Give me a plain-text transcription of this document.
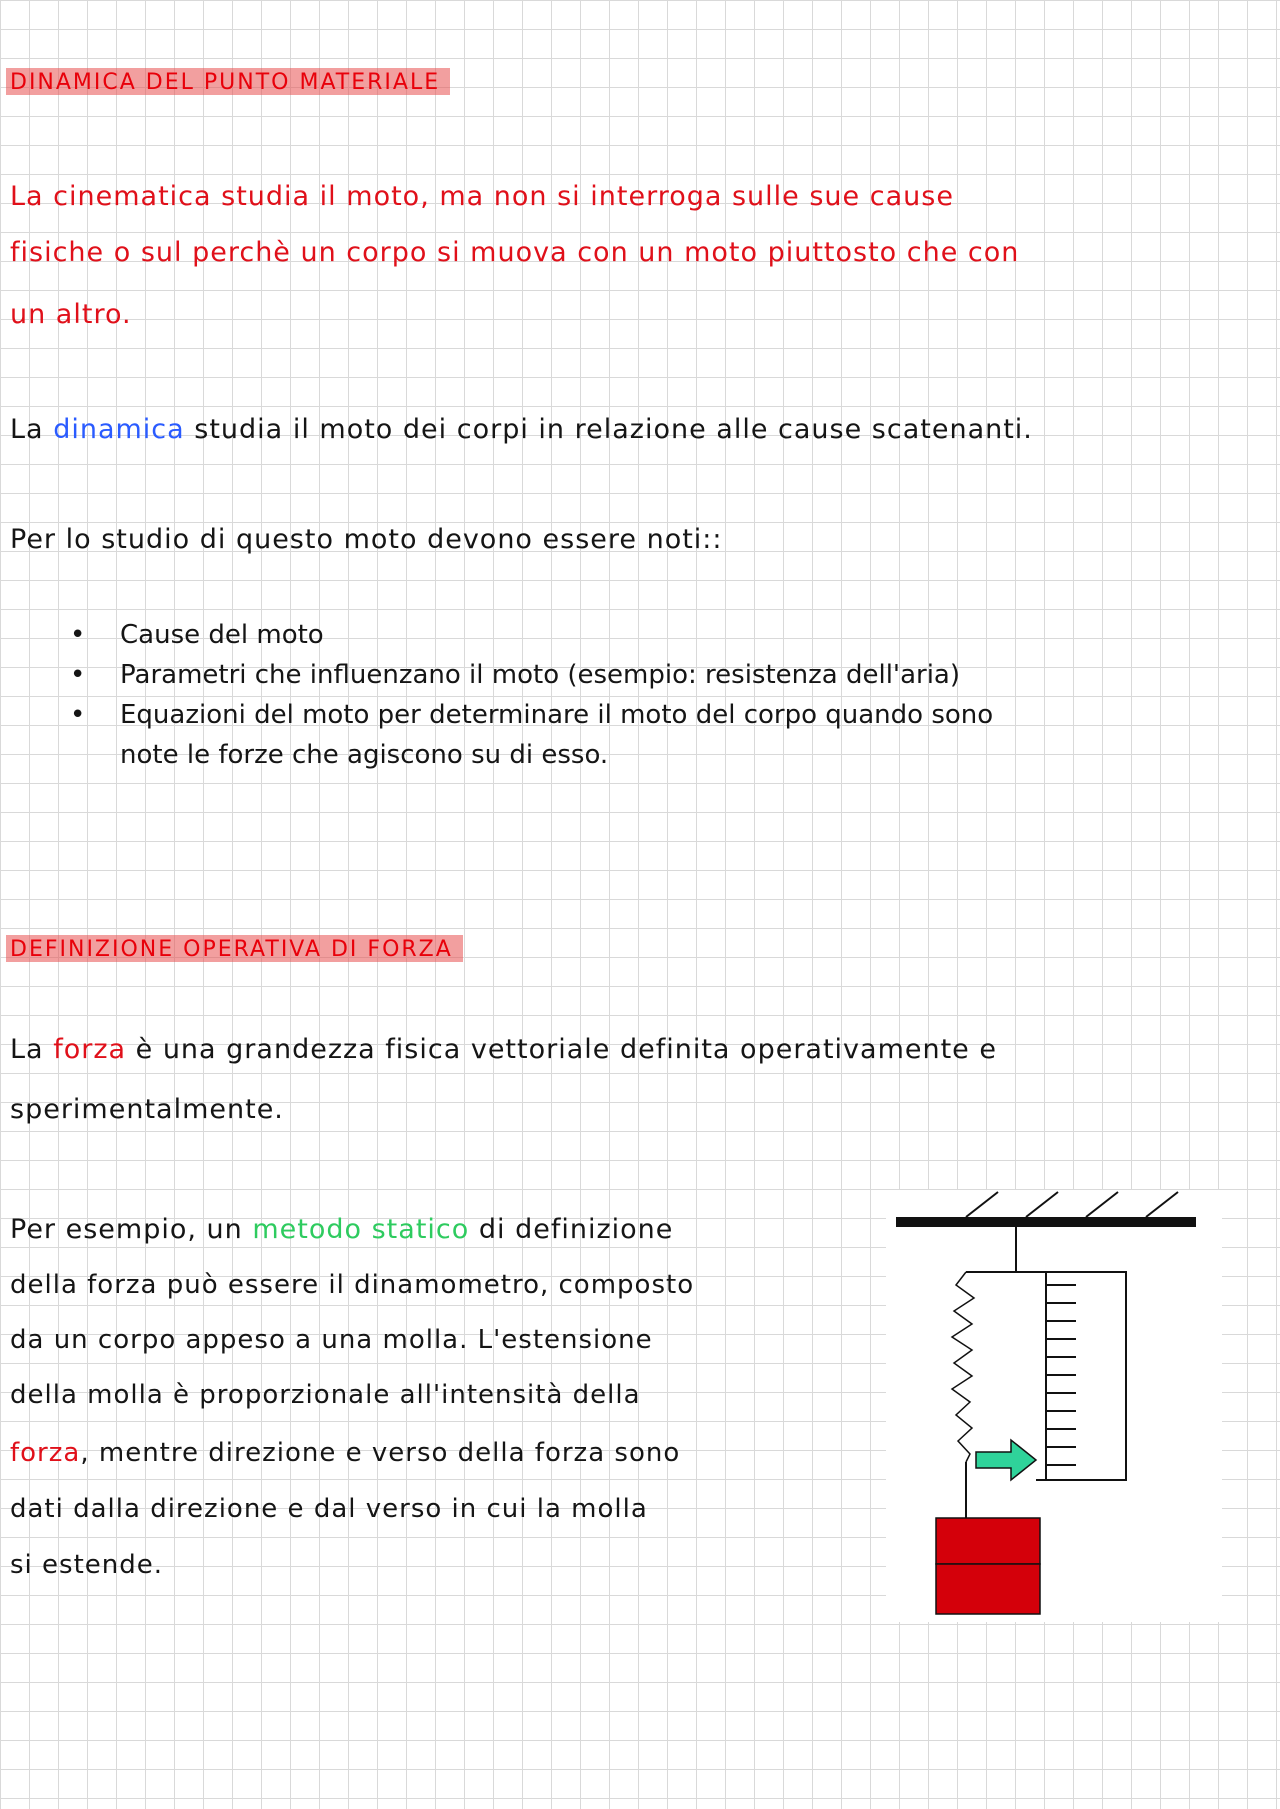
DINAMICA DEL PUNTO MATERIALE
La cinematica studia il moto, ma non si interroga sulle sue cause
fisiche o sul perchè un corpo si muova con un moto piuttosto che con
un altro.
La dinamica studia il moto dei corpi in relazione alle cause scatenanti.
Per lo studio di questo moto devono essere noti::
• Cause del moto
• Parametri che influenzano il moto (esempio: resistenza dell'aria)
• Equazioni del moto per determinare il moto del corpo quando sono
note le forze che agiscono su di esso.
DEFINIZIONE OPERATIVA DI FORZA
La forza è una grandezza fisica vettoriale definita operativamente e
sperimentalmente.
Per esempio, un metodo statico di definizione
della forza può essere il dinamometro, composto
da un corpo appeso a una molla. L'estensione
della molla è proporzionale all'intensità della
forza, mentre direzione e verso della forza sono
dati dalla direzione e dal verso in cui la molla
si estende.
